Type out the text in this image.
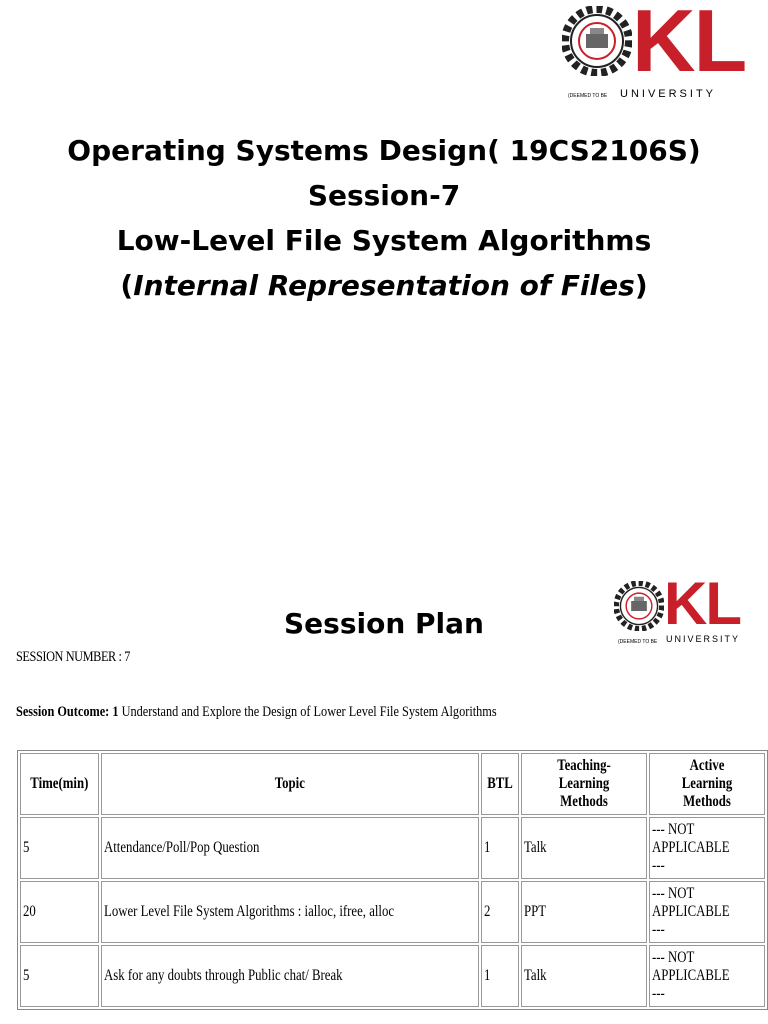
KL
(DEEMED TO BE UNIVERSITY
Operating Systems Design( 19CS2106S)
Session-7
Low-Level File System Algorithms
(Internal Representation of Files)
KL
(DEEMED TO BE UNIVERSITY
Session Plan
SESSION NUMBER : 7
Session Outcome: 1 Understand and Explore the Design of Lower Level File System Algorithms
Time(min)	Topic	BTL	Teaching- Learning Methods	Active Learning Methods
5	Attendance/Poll/Pop Question	1	Talk	--- NOT APPLICABLE ---
20	Lower Level File System Algorithms : ialloc, ifree, alloc	2	PPT	--- NOT APPLICABLE ---
5	Ask for any doubts through Public chat/ Break	1	Talk	--- NOT APPLICABLE ---
